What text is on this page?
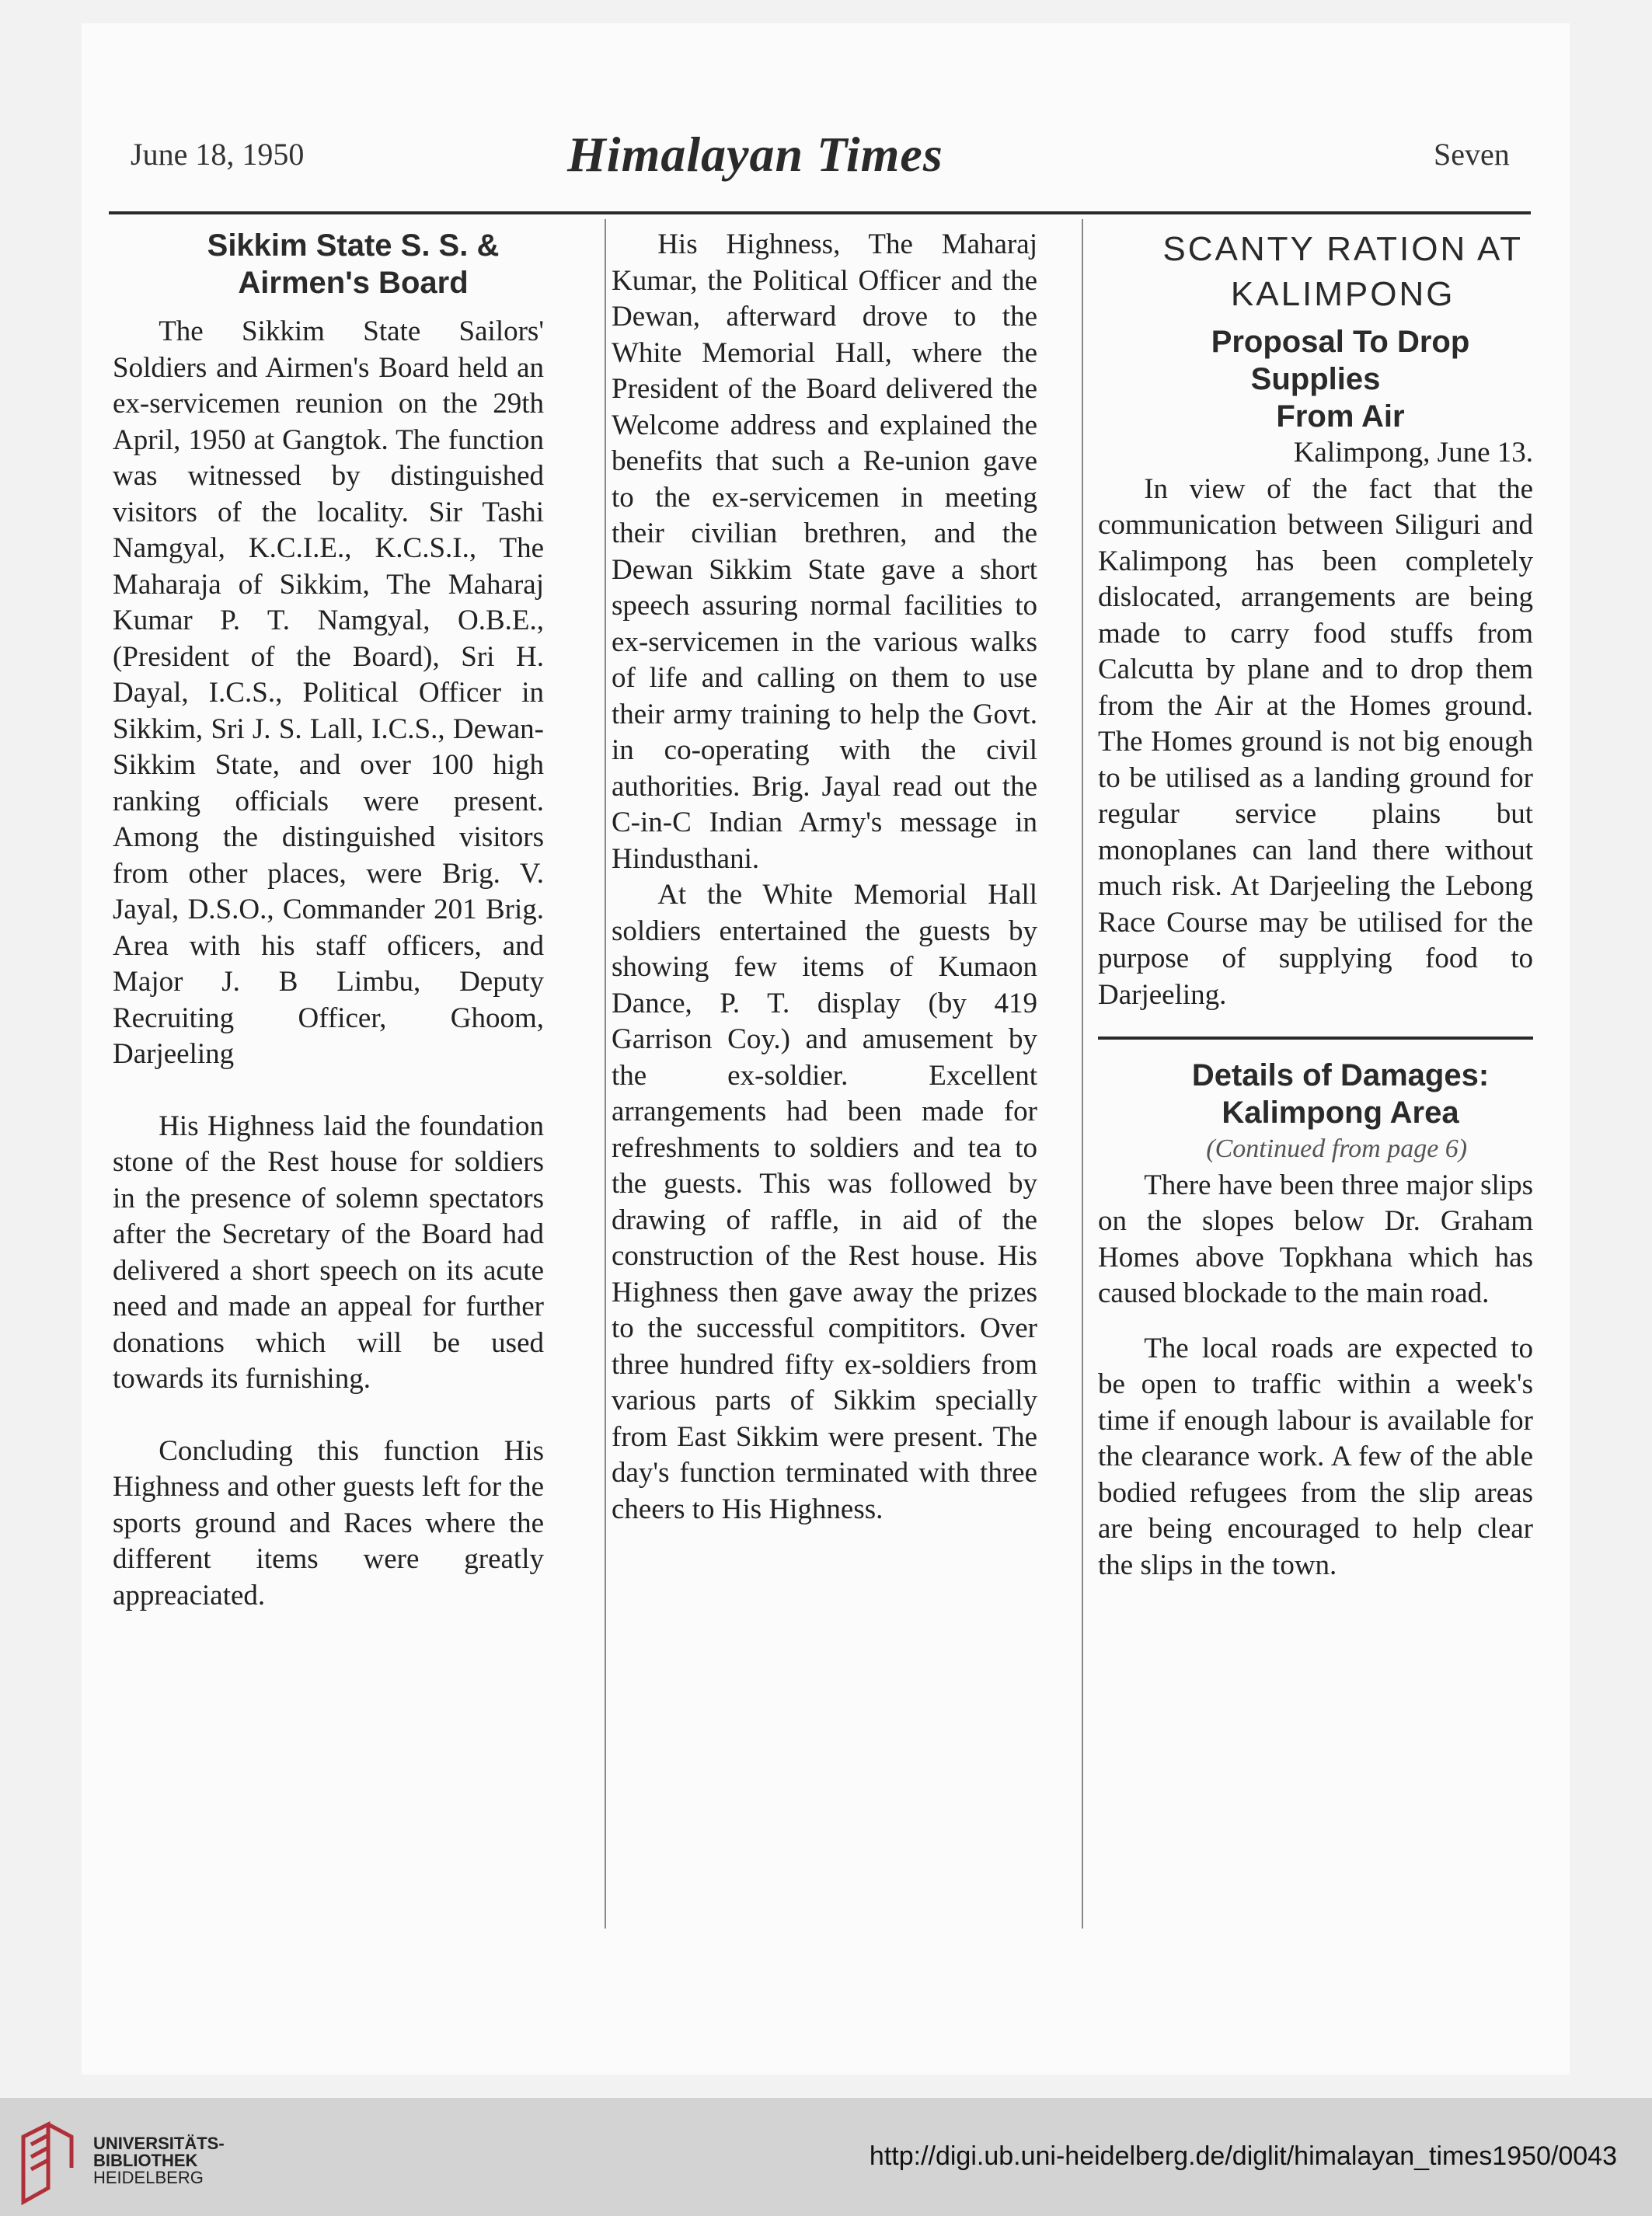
June 18, 1950	Himalayan Times	Seven

Sikkim State S. S. &

Airmen's Board

The Sikkim State Sailors' Soldiers and Airmen's Board held an ex-servicemen reunion on the 29th April, 1950 at Gangtok. The function was witnessed by distinguished visitors of the locality. Sir Tashi Namgyal, K.C.I.E., K.C.S.I., The Maharaja of Sikkim, The Maharaj Kumar P. T. Namgyal, O.B.E., (President of the Board), Sri H. Dayal, I.C.S., Political Officer in Sikkim, Sri J. S. Lall, I.C.S., Dewan-Sikkim State, and over 100 high ranking officials were present. Among the distinguished visitors from other places, were Brig. V. Jayal, D.S.O., Commander 201 Brig. Area with his staff officers, and Major J. B Limbu, Deputy Recruiting Officer, Ghoom, Darjeeling

His Highness laid the foundation stone of the Rest house for soldiers in the presence of solemn spectators after the Secretary of the Board had delivered a short speech on its acute need and made an appeal for further donations which will be used towards its furnishing.

Concluding this function His Highness and other guests left for the sports ground and Races where the different items were greatly appreaciated.

His Highness, The Maharaj Kumar, the Political Officer and the Dewan, afterward drove to the White Memorial Hall, where the President of the Board delivered the Welcome address and explained the benefits that such a Re-union gave to the ex-servicemen in meeting their civilian brethren, and the Dewan Sikkim State gave a short speech assuring normal facilities to ex-servicemen in the various walks of life and calling on them to use their army training to help the Govt. in co-operating with the civil authorities. Brig. Jayal read out the C-in-C Indian Army's message in Hindusthani.

At the White Memorial Hall soldiers entertained the guests by showing few items of Kumaon Dance, P. T. display (by 419 Garrison Coy.) and amusement by the ex-soldier. Excellent arrangements had been made for refreshments to soldiers and tea to the guests. This was followed by drawing of raffle, in aid of the construction of the Rest house. His Highness then gave away the prizes to the successful compititors. Over three hundred fifty ex-soldiers from various parts of Sikkim specially from East Sikkim were present. The day's function terminated with three cheers to His Highness.

SCANTY RATION AT

KALIMPONG

Proposal To Drop Supplies

From Air

Kalimpong, June 13.

In view of the fact that the communication between Siliguri and Kalimpong has been completely dislocated, arrangements are being made to carry food stuffs from Calcutta by plane and to drop them from the Air at the Homes ground. The Homes ground is not big enough to be utilised as a landing ground for regular service plains but monoplanes can land there without much risk. At Darjeeling the Lebong Race Course may be utilised for the purpose of supplying food to Darjeeling.

Details of Damages:

Kalimpong Area

(Continued from page 6)

There have been three major slips on the slopes below Dr. Graham Homes above Topkhana which has caused blockade to the main road.

The local roads are expected to be open to traffic within a week's time if enough labour is available for the clearance work. A few of the able bodied refugees from the slip areas are being encouraged to help clear the slips in the town.

UNIVERSITÄTS-
BIBLIOTHEK
HEIDELBERG
http://digi.ub.uni-heidelberg.de/diglit/himalayan_times1950/0043
